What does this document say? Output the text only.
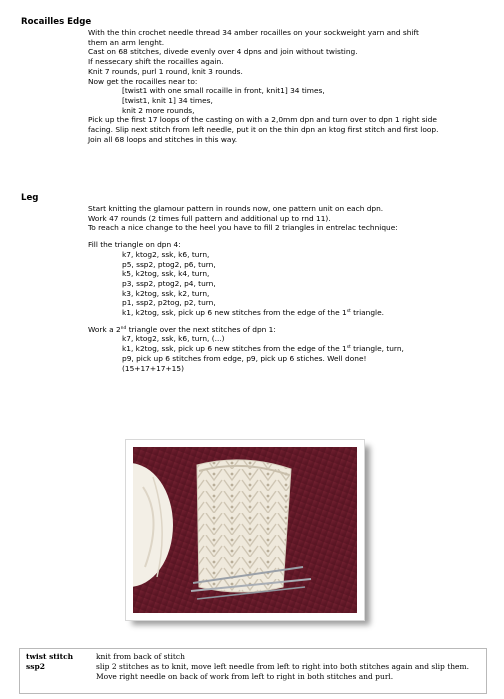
Rocailles Edge
With the thin crochet needle thread 34 amber rocailles on your sockweight yarn and shift
them an arm lenght.
Cast on 68 stitches, divede evenly over 4 dpns and join without twisting.
If nessecary shift the rocailles again.
Knit 7 rounds, purl 1 round, knit 3 rounds.
Now get the rocailles near to:
[twist1 with one small rocaille in front, knit1] 34 times,
[twist1, knit 1] 34 times,
knit 2 more rounds,
Pick up the first 17 loops of the casting on with a 2,0mm dpn and turn over to dpn 1 right side
facing. Slip next stitch from left needle, put it on the thin dpn an ktog first stitch and first loop.
Join all 68 loops and stitches in this way.
Leg
Start knitting the glamour pattern in rounds now, one pattern unit on each dpn.
Work 47 rounds (2 times full pattern and additional up to rnd 11).
To reach a nice change to the heel you have to fill 2 triangles in entrelac technique:
Fill the triangle on dpn 4:
k7, ktog2, ssk, k6, turn,
p5, ssp2, ptog2, p6, turn,
k5, k2tog, ssk, k4, turn,
p3, ssp2, ptog2, p4, turn,
k3, k2tog, ssk, k2, turn,
p1, ssp2, p2tog, p2, turn,
k1, k2tog, ssk, pick up 6 new stitches from the edge of the 1st triangle.
Work a 2nd triangle over the next stitches of dpn 1:
k7, ktog2, ssk, k6, turn, (...)
k1, k2tog, ssk, pick up 6 new stitches from the edge of the 1st triangle, turn,
p9, pick up 6 stitches from edge, p9, pick up 6 stiches. Well done!
(15+17+17+15)
twist stitch	knit from back of stitch
ssp2	slip 2 stitches as to knit, move left needle from left to right into both stitches again and slip them.
Move right needle on back of work from left to right in both stitches and purl.
